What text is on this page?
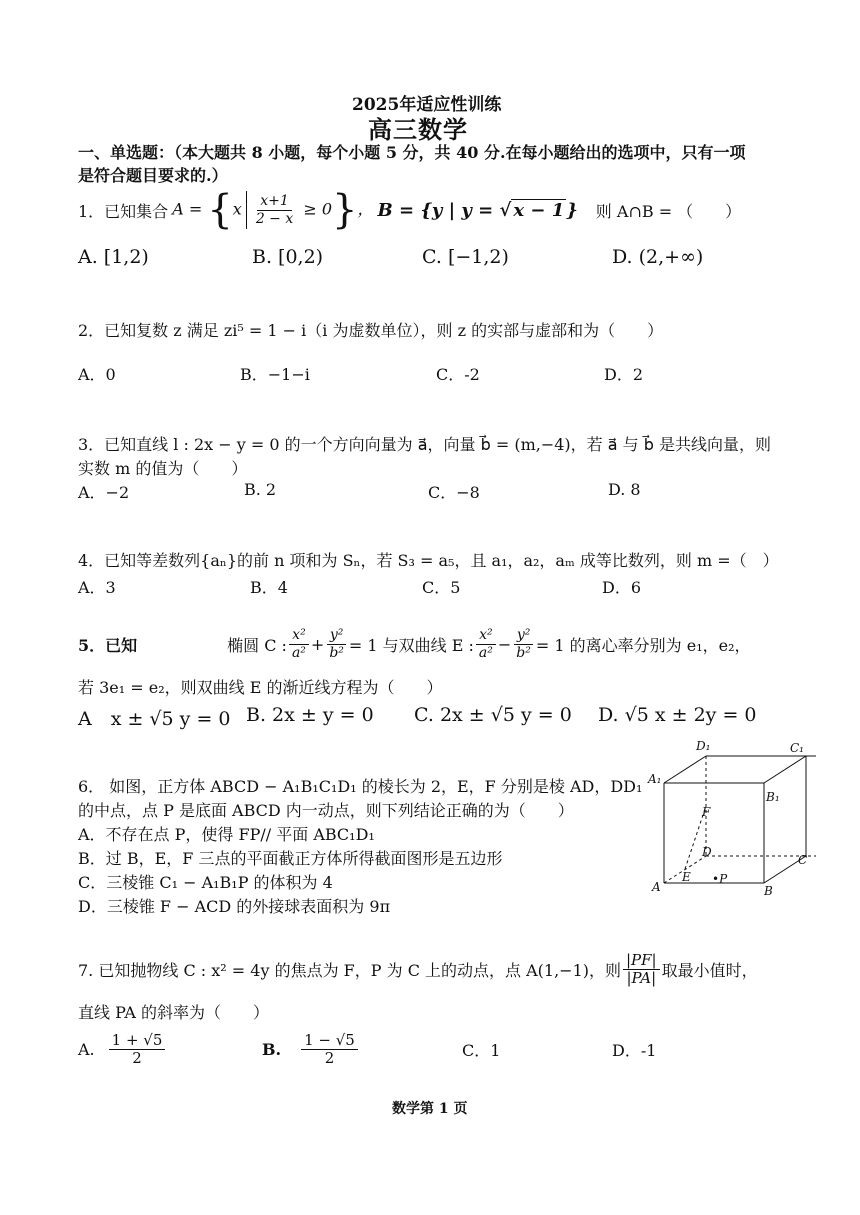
2025年适应性训练
高三数学
一、单选题：（本大题共 8 小题，每个小题 5 分，共 40 分.在每小题给出的选项中，只有一项
是符合题目要求的.）
1．已知集合 $A = \{x \frac{x+1}{2 - x} \ge 0\}$， B = {y | y = √ x − 1 } 则 A∩B = （　　）
A. [1,2)	B. [0,2)	C. [−1,2)	D. (2,+∞)
2．已知复数 z 满足 zi⁵ = 1 − i（i 为虚数单位），则 z 的实部与虚部和为（　　）
A．0	B．−1−i	C．-2	D．2
3．已知直线 l : 2x − y = 0 的一个方向向量为 a⃗，向量 b⃗ = (m,−4)，若 a⃗ 与 b⃗ 是共线向量，则
实数 m 的值为（　　）
A．−2	B. 2	C．−8	D. 8
4．已知等差数列{aₙ}的前 n 项和为 Sₙ，若 S₃ = a₅，且 a₁，a₂，aₘ 成等比数列，则 m =（　）
A．3	B．4	C．5	D．6
5．已知	椭圆 C : $\frac{\text{x²}}{\text{a²}} + \frac{\text{y²}}{\text{b²}} = 1$ 与双曲线 E : $\frac{\text{x²}}{\text{a²}} - \frac{\text{y²}}{\text{b²}} = 1$ 的离心率分别为 e₁，e₂，
若 3e₁ = e₂，则双曲线 E 的渐近线方程为（　　）
A　x ± √5 y = 0 B. 2x ± y = 0 C. 2x ± √5 y = 0 D. √5 x ± 2y = 0
6． 如图，正方体 ABCD − A₁B₁C₁D₁ 的棱长为 2，E，F 分别是棱 AD，DD₁
的中点，点 P 是底面 ABCD 内一动点，则下列结论正确的为（　　）
A．不存在点 P，使得 FP// 平面 ABC₁D₁
B．过 B，E，F 三点的平面截正方体所得截面图形是五边形
C．三棱锥 C₁ − A₁B₁P 的体积为 4
D．三棱锥 F − ACD 的外接球表面积为 9π
D₁	C₁
A₁
B₁
F
D
C
A
E •P
B
7. 已知抛物线 C : x² = 4y 的焦点为 F，P 为 C 上的动点，点 A(1,−1)，则 $\frac{|PF|}{|PA|}$ 取最小值时，
直线 PA 的斜率为（　　）
A. $\frac{1 + √5}{2}$	B. $\frac{1 - √5}{2}$	C．1	D．-1
数学第 1 页
